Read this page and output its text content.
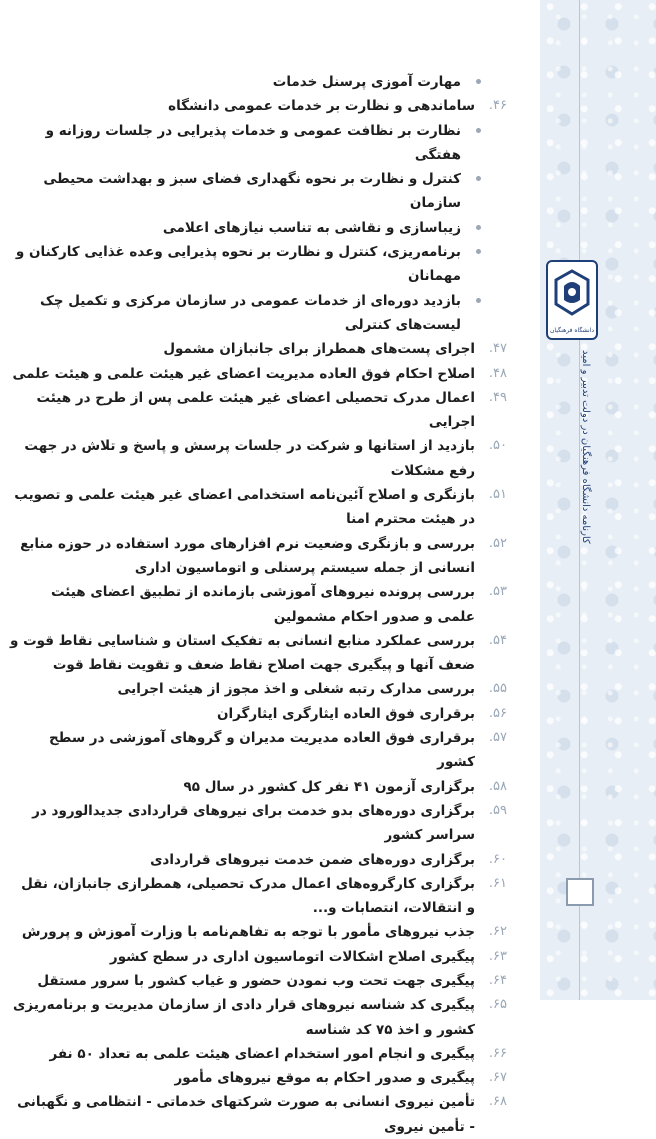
دانشگاه فرهنگیان
کارنامه دانشگاه فرهنگیان در دولت تدبیر و امید
مهارت آموزی پرسنل خدمات
۴۶.
ساماندهی و نظارت بر خدمات عمومی دانشگاه
نظارت بر نظافت عمومی و خدمات پذیرایی در جلسات روزانه و هفتگی
کنترل و نظارت بر نحوه نگهداری فضای سبز و بهداشت محیطی سازمان
زیباسازی و نقاشی به تناسب نیازهای اعلامی
برنامه‌ریزی، کنترل و نظارت بر نحوه پذیرایی وعده غذایی کارکنان و مهمانان
بازدید دوره‌ای از خدمات عمومی در سازمان مرکزی و تکمیل چک لیست‌های کنترلی
۴۷.
اجرای پست‌های همطراز برای جانبازان مشمول
۴۸.
اصلاح احکام فوق العاده مدیریت اعضای غیر هیئت علمی و هیئت علمی
۴۹.
اعمال مدرک تحصیلی اعضای غیر هیئت علمی پس از طرح در هیئت اجرایی
۵۰.
بازدید از استانها و شرکت در جلسات پرسش و پاسخ و تلاش در جهت رفع مشکلات
۵۱.
بازنگری و اصلاح آئین‌نامه استخدامی اعضای غیر هیئت علمی و تصویب در هیئت محترم امنا
۵۲.
بررسی و بازنگری وضعیت نرم افزارهای مورد استفاده در حوزه منابع انسانی از جمله سیستم پرسنلی و اتوماسیون اداری
۵۳.
بررسی پرونده نیروهای آموزشی بازمانده از تطبیق اعضای هیئت علمی و صدور احکام مشمولین
۵۴.
بررسی عملکرد منابع انسانی به تفکیک استان و شناسایی نقاط قوت و ضعف آنها و پیگیری جهت اصلاح نقاط ضعف و تقویت نقاط قوت
۵۵.
بررسی مدارک رتبه شغلی و اخذ مجوز از هیئت اجرایی
۵۶.
برقراری فوق العاده ایثارگری ایثارگران
۵۷.
برقراری فوق العاده مدیریت مدیران و گروهای آموزشی در سطح کشور
۵۸.
برگزاری آزمون ۴۱ نفر کل کشور در سال ۹۵
۵۹.
برگزاری دوره‌های بدو خدمت برای نیروهای قراردادی جدیدالورود در سراسر کشور
۶۰.
برگزاری دوره‌های ضمن خدمت نیروهای قراردادی
۶۱.
برگزاری کارگروه‌های اعمال مدرک تحصیلی، همطرازی جانبازان، نقل و انتقالات، انتصابات و...
۶۲.
جذب نیروهای مأمور با توجه به تفاهم‌نامه با وزارت آموزش و پرورش
۶۳.
پیگیری اصلاح اشکالات اتوماسیون اداری در سطح کشور
۶۴.
پیگیری جهت تحت وب نمودن حضور و غیاب کشور با سرور مستقل
۶۵.
پیگیری کد شناسه نیروهای قرار دادی از سازمان مدیریت و برنامه‌ریزی کشور و اخذ ۷۵ کد شناسه
۶۶.
پیگیری و انجام امور استخدام اعضای هیئت علمی به تعداد ۵۰ نفر
۶۷.
پیگیری و صدور احکام به موقع نیروهای مأمور
۶۸.
تأمین نیروی انسانی به صورت شرکتهای خدماتی - انتظامی و نگهبانی - تأمین نیروی
